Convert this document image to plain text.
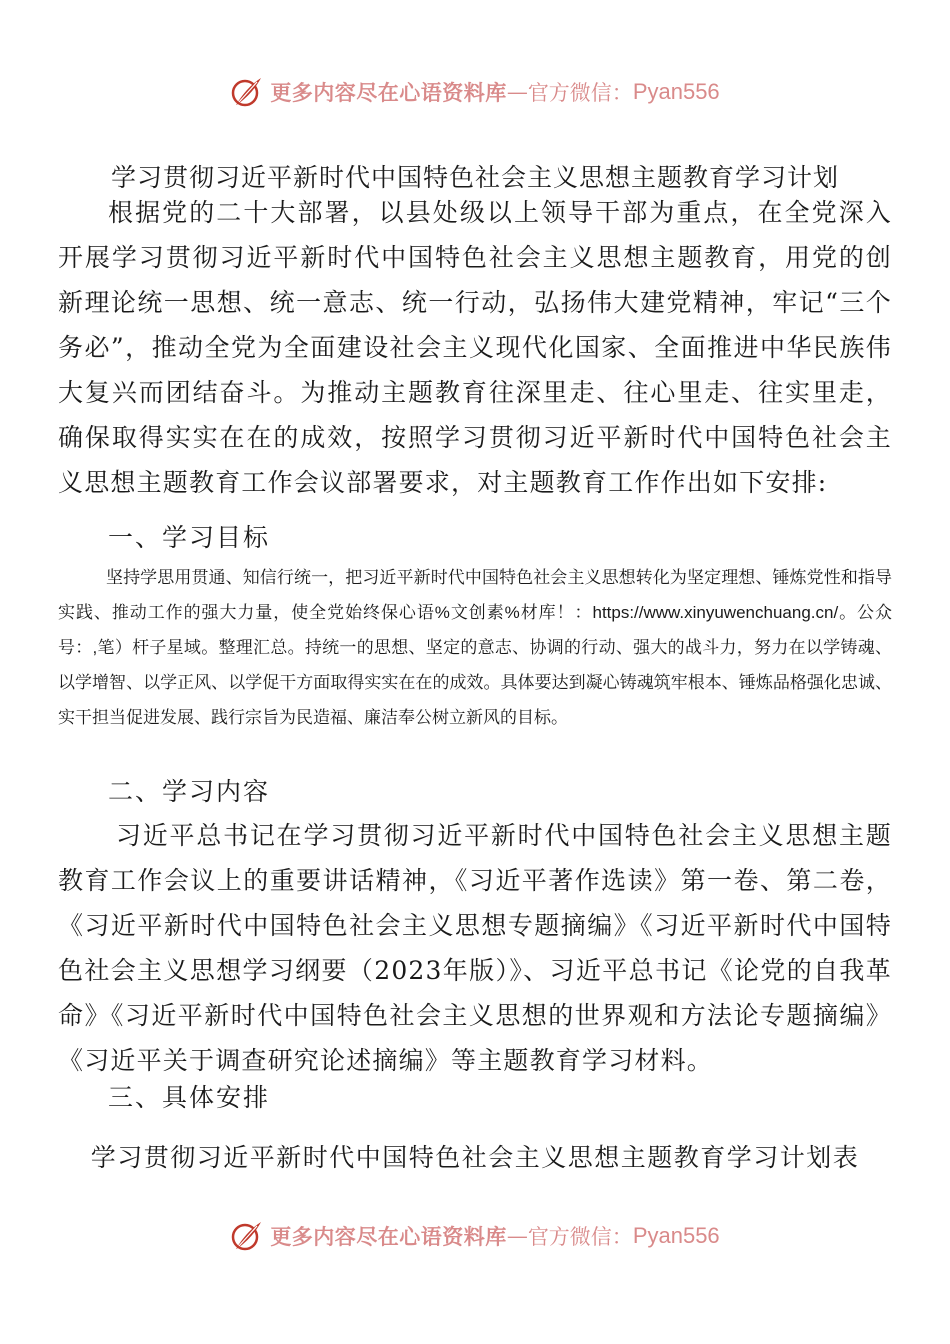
更多内容尽在心语资料库 — 官方微信： Pyan556
学习贯彻习近平新时代中国特色社会主义思想主题教育学习计划

根据党的二十大部署，以县处级以上领导干部为重点，在全党深入开展学习贯彻习近平新时代中国特色社会主义思想主题教育，用党的创新理论统一思想、统一意志、统一行动，弘扬伟大建党精神，牢记“三个务必”，推动全党为全面建设社会主义现代化国家、全面推进中华民族伟大复兴而团结奋斗。为推动主题教育往深里走、往心里走、往实里走，确保取得实实在在的成效，按照学习贯彻习近平新时代中国特色社会主义思想主题教育工作会议部署要求，对主题教育工作作出如下安排:

一、学习目标

坚持学思用贯通、知信行统一，把习近平新时代中国特色社会主义思想转化为坚定理想、锤炼党性和指导实践、推动工作的强大力量，使全党始终保心语%文创素%材库！：https://www.xinyuwenchuang.cn/。公众号：,笔）杆子星域。整理汇总。持统一的思想、坚定的意志、协调的行动、强大的战斗力，努力在以学铸魂、以学增智、以学正风、以学促干方面取得实实在在的成效。具体要达到凝心铸魂筑牢根本、锤炼品格强化忠诚、实干担当促进发展、践行宗旨为民造福、廉洁奉公树立新风的目标。

二、学习内容

习近平总书记在学习贯彻习近平新时代中国特色社会主义思想主题教育工作会议上的重要讲话精神，《习近平著作选读》第一卷、第二卷，《习近平新时代中国特色社会主义思想专题摘编》《习近平新时代中国特色社会主义思想学习纲要（2023年版）》、习近平总书记《论党的自我革命》《习近平新时代中国特色社会主义思想的世界观和方法论专题摘编》《习近平关于调查研究论述摘编》等主题教育学习材料。

三、具体安排
学习贯彻习近平新时代中国特色社会主义思想主题教育学习计划表
更多内容尽在心语资料库 — 官方微信： Pyan556
